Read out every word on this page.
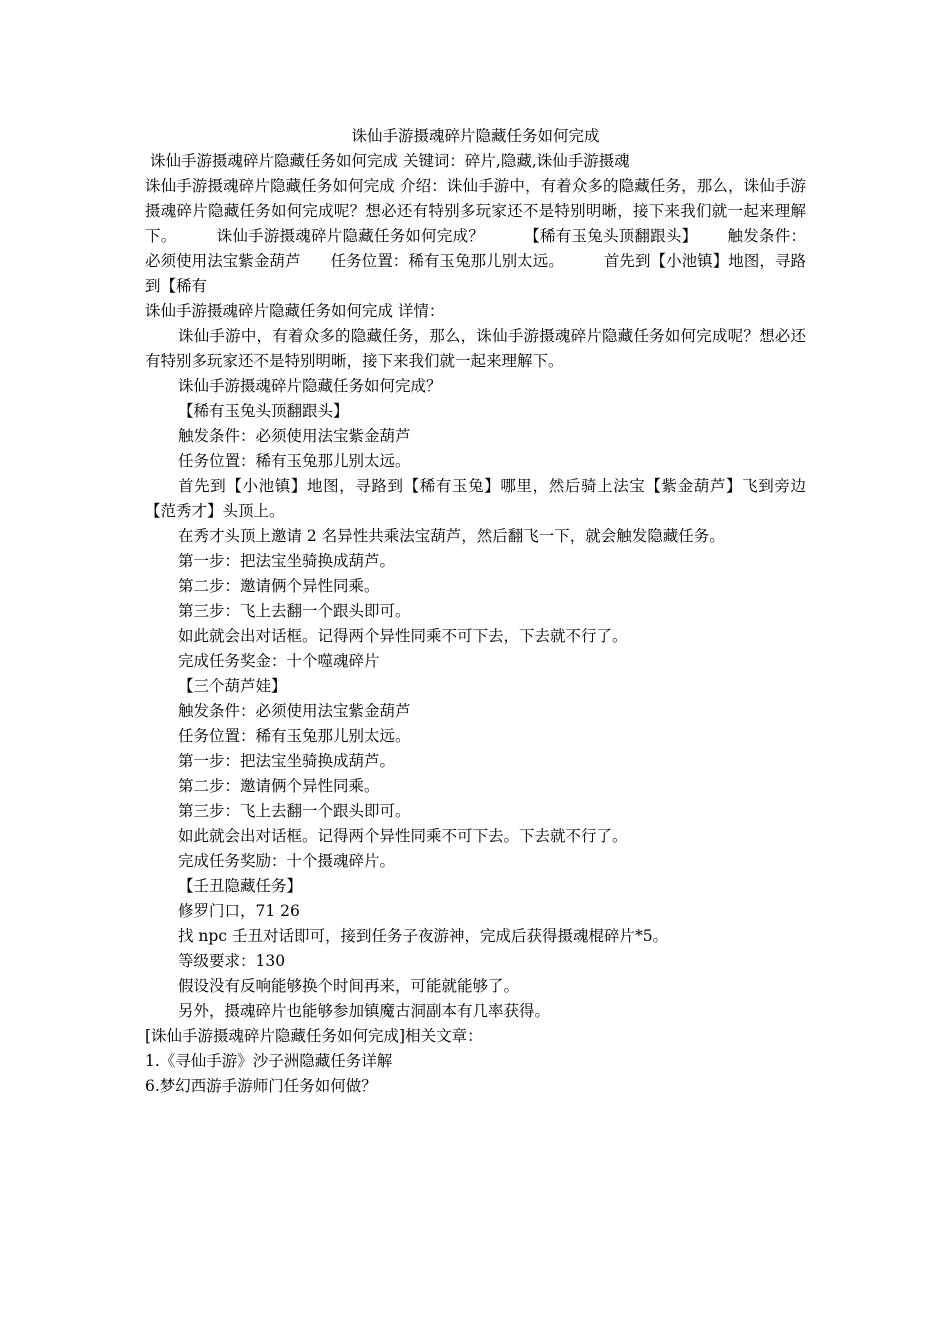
诛仙手游摄魂碎片隐藏任务如何完成

诛仙手游摄魂碎片隐藏任务如何完成 关键词：碎片,隐藏,诛仙手游摄魂

诛仙手游摄魂碎片隐藏任务如何完成 介绍：诛仙手游中，有着众多的隐藏任务，那么，诛仙手游摄魂碎片隐藏任务如何完成呢？想必还有特别多玩家还不是特别明晰，接下来我们就一起来理解下。	诛仙手游摄魂碎片隐藏任务如何完成？	【稀有玉兔头顶翻跟头】 触发条件：必须使用法宝紫金葫芦 任务位置：稀有玉兔那儿别太远。	首先到【小池镇】地图，寻路到【稀有

诛仙手游摄魂碎片隐藏任务如何完成 详情：

诛仙手游中，有着众多的隐藏任务，那么，诛仙手游摄魂碎片隐藏任务如何完成呢？想必还有特别多玩家还不是特别明晰，接下来我们就一起来理解下。

诛仙手游摄魂碎片隐藏任务如何完成？

【稀有玉兔头顶翻跟头】

触发条件：必须使用法宝紫金葫芦

任务位置：稀有玉兔那儿别太远。

首先到【小池镇】地图，寻路到【稀有玉兔】哪里，然后骑上法宝【紫金葫芦】飞到旁边【范秀才】头顶上。

在秀才头顶上邀请 2 名异性共乘法宝葫芦，然后翻飞一下，就会触发隐藏任务。

第一步：把法宝坐骑换成葫芦。

第二步：邀请俩个异性同乘。

第三步：飞上去翻一个跟头即可。

如此就会出对话框。记得两个异性同乘不可下去，下去就不行了。

完成任务奖金：十个噬魂碎片

【三个葫芦娃】

触发条件：必须使用法宝紫金葫芦

任务位置：稀有玉兔那儿别太远。

第一步：把法宝坐骑换成葫芦。

第二步：邀请俩个异性同乘。

第三步：飞上去翻一个跟头即可。

如此就会出对话框。记得两个异性同乘不可下去。下去就不行了。

完成任务奖励：十个摄魂碎片。

【壬丑隐藏任务】

修罗门口，71 26

找 npc 壬丑对话即可，接到任务子夜游神，完成后获得摄魂棍碎片*5。

等级要求：130

假设没有反响能够换个时间再来，可能就能够了。

另外，摄魂碎片也能够参加镇魔古洞副本有几率获得。

[诛仙手游摄魂碎片隐藏任务如何完成]相关文章：

1.《寻仙手游》沙子洲隐藏任务详解

6.梦幻西游手游师门任务如何做？
